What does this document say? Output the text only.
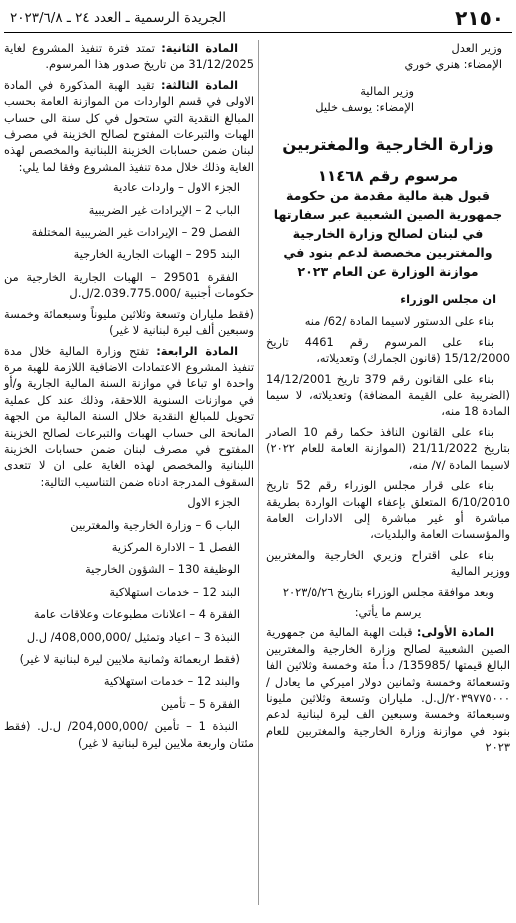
٢١٥٠
الجريدة الرسمية ـ العدد ٢٤ ـ ٢٠٢٣/٦/٨

وزير العدل

الإمضاء: هنري خوري

وزير المالية

الإمضاء: يوسف خليل

وزارة الخارجية والمغتربين
مرسوم رقم ١١٤٦٨
قبول هبة مالية مقدمة من حكومة جمهورية الصين الشعبية عبر سفارتها في لبنان لصالح وزارة الخارجية والمغتربين مخصصة لدعم بنود في موازنة الوزارة عن العام ٢٠٢٣

ان مجلس الوزراء

بناء على الدستور لاسيما المادة /62/ منه

بناء على المرسوم رقم 4461 تاريخ 15/12/2000 (قانون الجمارك) وتعديلاته،

بناء على القانون رقم 379 تاريخ 14/12/2001 (الضريبة على القيمة المضافة) وتعديلاته، لا سيما المادة 18 منه،

بناء على القانون النافذ حكما رقم 10 الصادر بتاريخ 21/11/2022 (الموازنة العامة للعام ٢٠٢٢) لاسيما المادة /٧/ منه،

بناء على قرار مجلس الوزراء رقم 52 تاريخ 6/10/2010 المتعلق بإعفاء الهبات الواردة بطريقة مباشرة أو غير مباشرة إلى الادارات العامة والمؤسسات العامة والبلديات،

بناء على اقتراح وزيري الخارجية والمغتربين ووزير المالية

وبعد موافقة مجلس الوزراء بتاريخ ٢٠٢٣/٥/٢٦

يرسم ما يأتي:

المادة الأولى: قبلت الهبة المالية من جمهورية الصين الشعبية لصالح وزارة الخارجية والمغتربين البالغ قيمتها /135985/ د.أ مئة وخمسة وثلاثين الفا وتسعمائة وخمسة وثمانين دولار اميركي ما يعادل /٢٠٣٩٧٧٥٠٠٠/ل.ل. ملياران وتسعة وثلاثين مليونا وسبعمائة وخمسة وسبعين الف ليرة لبنانية لدعم بنود في موازنة وزارة الخارجية والمغتربين للعام ٢٠٢٣

المادة الثانية: تمتد فترة تنفيذ المشروع لغاية 31/12/2025 من تاريخ صدور هذا المرسوم.

المادة الثالثة: تقيد الهبة المذكورة في المادة الاولى في قسم الواردات من الموازنة العامة بحسب المبالغ النقدية التي ستحول في كل سنة الى حساب الهبات والتبرعات المفتوح لصالح الخزينة في مصرف لبنان ضمن حسابات الخزينة اللبنانية والمخصص لهذه الغاية وذلك خلال مدة تنفيذ المشروع وفقا لما يلي:

الجزء الاول – واردات عادية

الباب 2 – الإيرادات غير الضريبية

الفصل 29 – الإيرادات غير الضريبية المختلفة

البند 295 – الهبات الجارية الخارجية

الفقرة 29501 – الهبات الجارية الخارجية من حكومات أجنبية /2.039.775.000/ل.ل

(فقط ملياران وتسعة وثلاثين مليوناً وسبعمائة وخمسة وسبعين ألف ليرة لبنانية لا غير)

المادة الرابعة: تفتح وزارة المالية خلال مدة تنفيذ المشروع الاعتمادات الاضافية اللازمة للهبة مرة واحدة او تباعا في موازنة السنة المالية الجارية و/أو في موازنات السنوية اللاحقة، وذلك عند كل عملية تحويل للمبالغ النقدية خلال السنة المالية من الجهة المانحة الى حساب الهبات والتبرعات لصالح الخزينة المفتوح في مصرف لبنان ضمن حسابات الخزينة اللبنانية والمخصص لهذه الغاية على ان لا تتعدى السقوف المدرجة ادناه ضمن التناسيب التالية:

الجزء الاول

الباب 6 – وزارة الخارجية والمغتربين

الفصل 1 – الادارة المركزية

الوظيفة 130 – الشؤون الخارجية

البند 12 – خدمات استهلاكية

الفقرة 4 – اعلانات مطبوعات وعلاقات عامة

النبذة 3 – اعياد وتمثيل /408,000,000/ ل.ل

(فقط اربعمائة وثمانية ملايين ليرة لبنانية لا غير)

والبند 12 – خدمات استهلاكية

الفقرة 5 – تأمين

النبذة 1 – تأمين /204,000,000/ ل.ل. (فقط مئتان واربعة ملايين ليرة لبنانية لا غير)
